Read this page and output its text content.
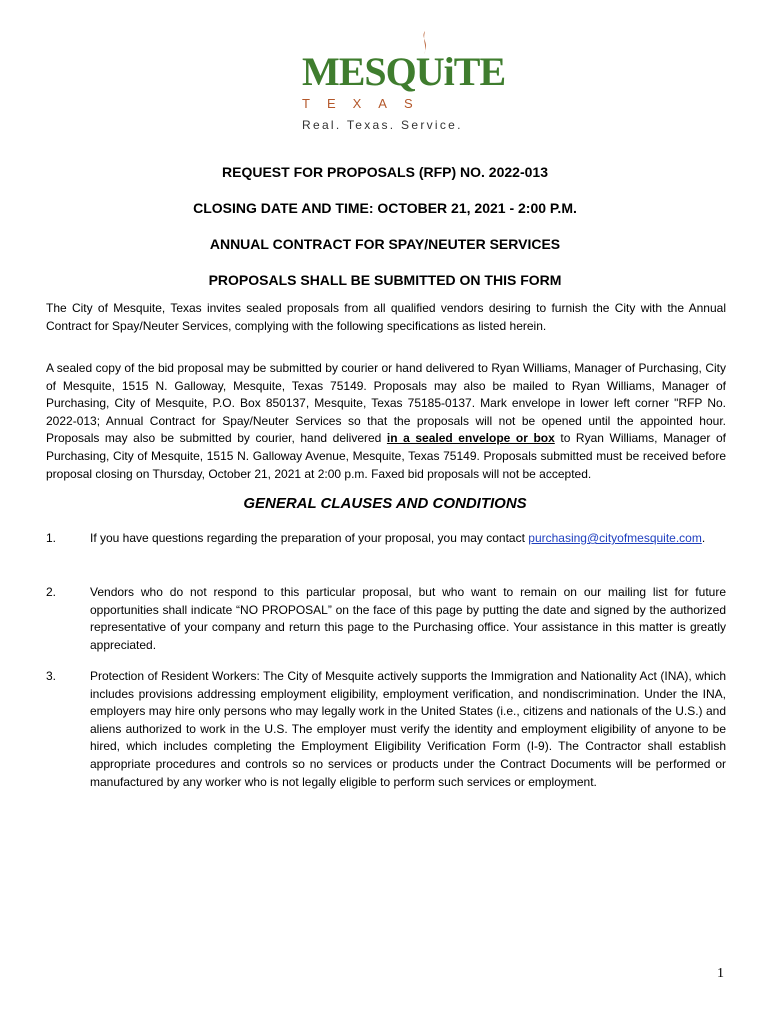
MESQUiTE
TEXAS
Real. Texas. Service.
REQUEST FOR PROPOSALS (RFP) NO. 2022-013
CLOSING DATE AND TIME: OCTOBER 21, 2021 - 2:00 P.M.
ANNUAL CONTRACT FOR SPAY/NEUTER SERVICES
PROPOSALS SHALL BE SUBMITTED ON THIS FORM
The City of Mesquite, Texas invites sealed proposals from all qualified vendors desiring to furnish the City with the Annual Contract for Spay/Neuter Services, complying with the following specifications as listed herein.
A sealed copy of the bid proposal may be submitted by courier or hand delivered to Ryan Williams, Manager of Purchasing, City of Mesquite, 1515 N. Galloway, Mesquite, Texas 75149. Proposals may also be mailed to Ryan Williams, Manager of Purchasing, City of Mesquite, P.O. Box 850137, Mesquite, Texas 75185-0137. Mark envelope in lower left corner "RFP No. 2022-013; Annual Contract for Spay/Neuter Services so that the proposals will not be opened until the appointed hour. Proposals may also be submitted by courier, hand delivered in a sealed envelope or box to Ryan Williams, Manager of Purchasing, City of Mesquite, 1515 N. Galloway Avenue, Mesquite, Texas 75149. Proposals submitted must be received before proposal closing on Thursday, October 21, 2021 at 2:00 p.m. Faxed bid proposals will not be accepted.
GENERAL CLAUSES AND CONDITIONS
1.	If you have questions regarding the preparation of your proposal, you may contact purchasing@cityofmesquite.com.
2.	Vendors who do not respond to this particular proposal, but who want to remain on our mailing list for future opportunities shall indicate “NO PROPOSAL” on the face of this page by putting the date and signed by the authorized representative of your company and return this page to the Purchasing office. Your assistance in this matter is greatly appreciated.
3.	Protection of Resident Workers: The City of Mesquite actively supports the Immigration and Nationality Act (INA), which includes provisions addressing employment eligibility, employment verification, and nondiscrimination. Under the INA, employers may hire only persons who may legally work in the United States (i.e., citizens and nationals of the U.S.) and aliens authorized to work in the U.S. The employer must verify the identity and employment eligibility of anyone to be hired, which includes completing the Employment Eligibility Verification Form (I-9). The Contractor shall establish appropriate procedures and controls so no services or products under the Contract Documents will be performed or manufactured by any worker who is not legally eligible to perform such services or employment.
1
